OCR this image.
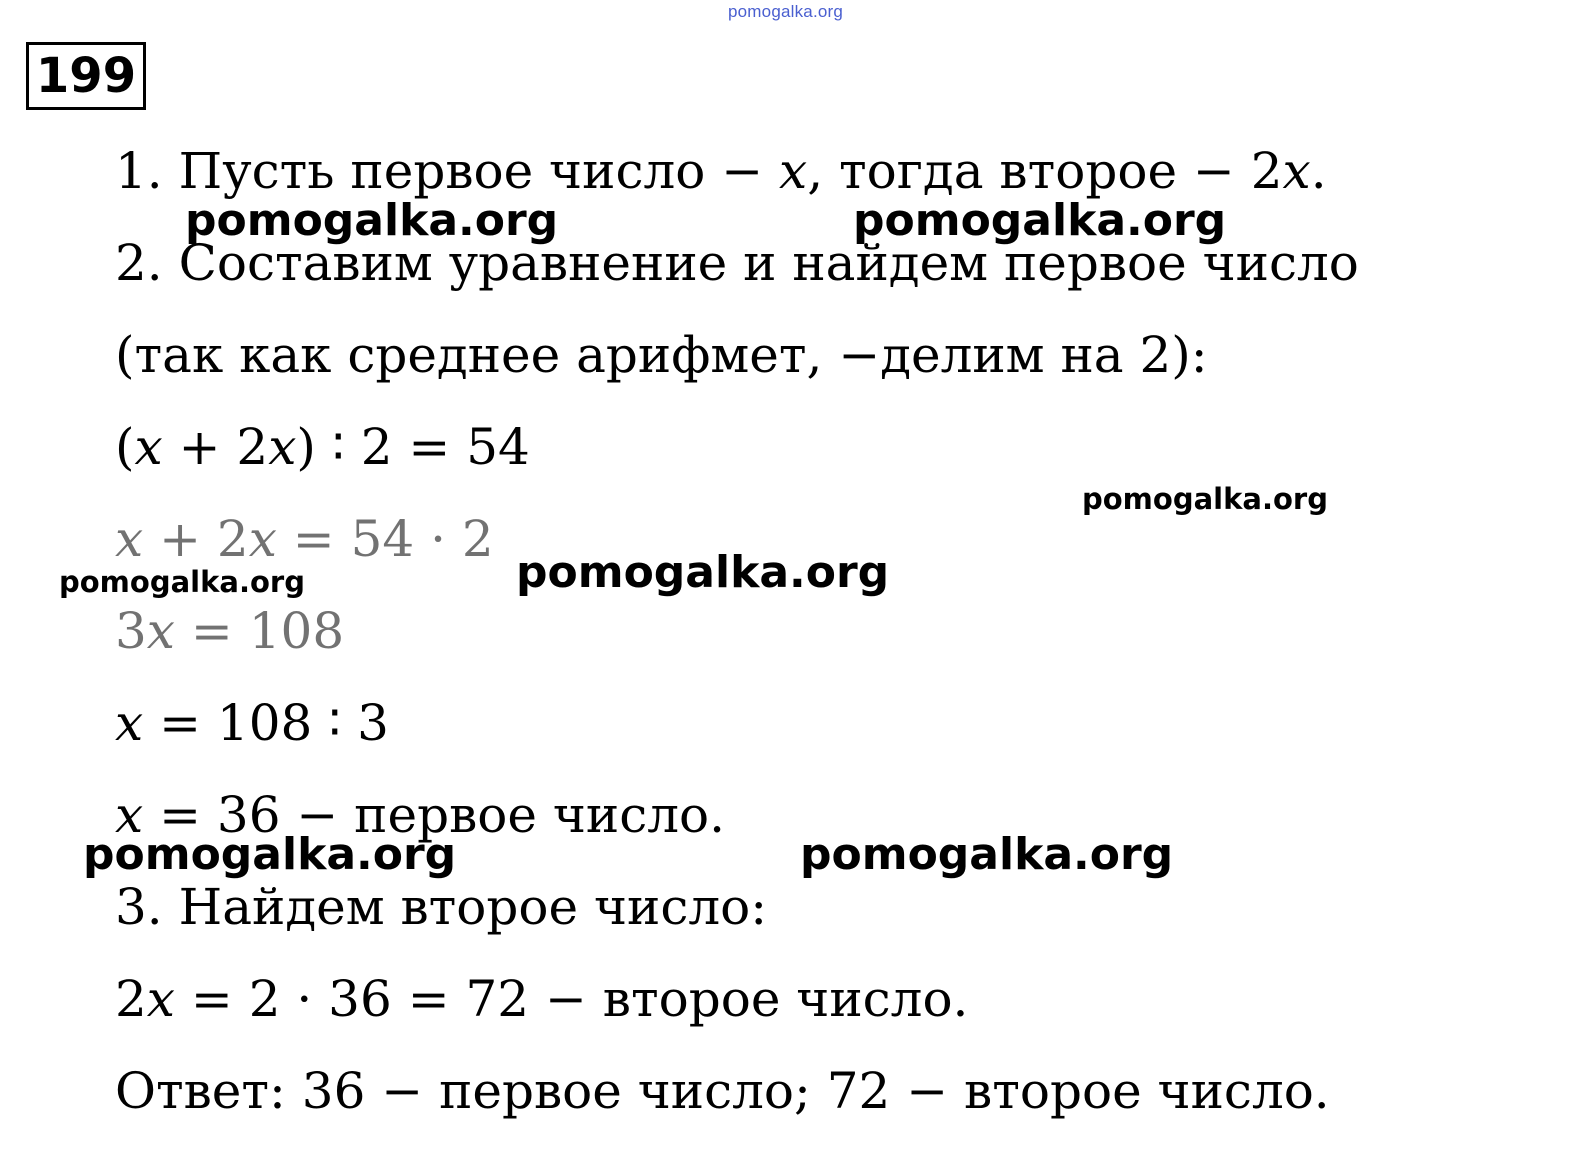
pomogalka.org
199
1. Пусть первое число − 𝑥, тогда второе − 2𝑥.
2. Составим уравнение и найдем первое число
(так как среднее арифмет, −делим на 2):
(𝑥 + 2𝑥) ∶ 2 = 54
𝑥 + 2𝑥 = 54 · 2
3𝑥 = 108
𝑥 = 108 ∶ 3
𝑥 = 36 − первое число.
3. Найдем второе число:
2𝑥 = 2 · 36 = 72 − второе число.
Ответ: 36 − первое число; 72 − второе число.
pomogalka.org	pomogalka.org
pomogalka.org
pomogalka.org	pomogalka.org
pomogalka.org	pomogalka.org
